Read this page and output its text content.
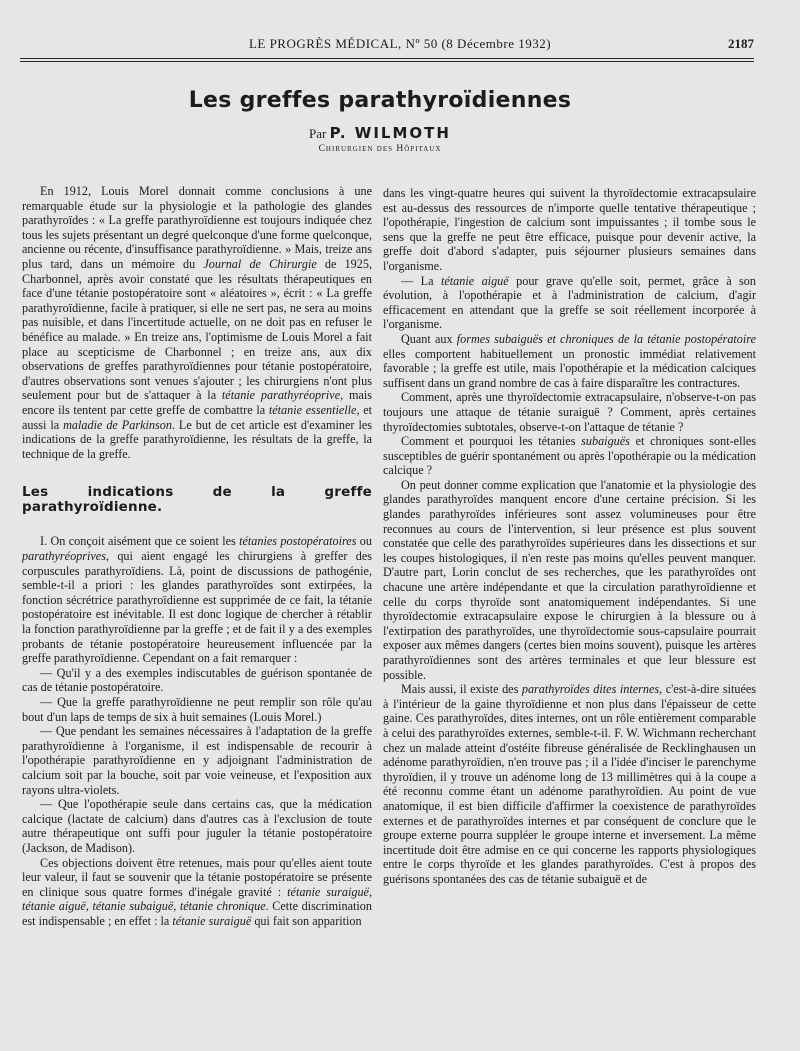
LE PROGRÈS MÉDICAL, Nº 50 (8 Décembre 1932)	2187
Les greffes parathyroïdiennes
Par P. WILMOTH
Chirurgien des Hôpitaux

En 1912, Louis Morel donnait comme conclusions à une remarquable étude sur la physiologie et la pathologie des glandes parathyroïdes : « La greffe parathyroïdienne est toujours indiquée chez tous les sujets présentant un degré quelconque d'une forme quelconque, ancienne ou récente, d'insuffisance parathyroïdienne. » Mais, treize ans plus tard, dans un mémoire du Journal de Chirurgie de 1925, Charbonnel, après avoir constaté que les résultats thérapeutiques en face d'une tétanie postopératoire sont « aléatoires », écrit : « La greffe parathyroïdienne, facile à pratiquer, si elle ne sert pas, ne sera au moins pas nuisible, et dans l'incertitude actuelle, on ne doit pas en refuser le bénéfice au malade. » En treize ans, l'optimisme de Louis Morel a fait place au scepticisme de Charbonnel ; en treize ans, aux dix observations de greffes parathyroïdiennes pour tétanie postopératoire, d'autres observations sont venues s'ajouter ; les chirurgiens n'ont plus seulement pour but de s'attaquer à la tétanie parathyréoprive, mais encore ils tentent par cette greffe de combattre la tétanie essentielle, et aussi la maladie de Parkinson. Le but de cet article est d'examiner les indications de la greffe parathyroïdienne, les résultats de la greffe, la technique de la greffe.

Les indications de la greffe parathyroïdienne.

I. On conçoit aisément que ce soient les tétanies postopératoires ou parathyréoprives, qui aient engagé les chirurgiens à greffer des corpuscules parathyroïdiens. Là, point de discussions de pathogénie, semble-t-il a priori : les glandes parathyroïdes sont extirpées, la fonction sécrétrice parathyroïdienne est supprimée de ce fait, la tétanie postopératoire est inévitable. Il est donc logique de chercher à rétablir la fonction parathyroïdienne par la greffe ; et de fait il y a des exemples probants de tétanie postopératoire heureusement influencée par la greffe parathyroïdienne. Cependant on a fait remarquer :

— Qu'il y a des exemples indiscutables de guérison spontanée de cas de tétanie postopératoire.

— Que la greffe parathyroïdienne ne peut remplir son rôle qu'au bout d'un laps de temps de six à huit semaines (Louis Morel.)

— Que pendant les semaines nécessaires à l'adaptation de la greffe parathyroïdienne à l'organisme, il est indispensable de recourir à l'opothérapie parathyroïdienne en y adjoignant l'administration de calcium soit par la bouche, soit par voie veineuse, et l'exposition aux rayons ultra-violets.

— Que l'opothérapie seule dans certains cas, que la médication calcique (lactate de calcium) dans d'autres cas à l'exclusion de toute autre thérapeutique ont suffi pour juguler la tétanie postopératoire (Jackson, de Madison).

Ces objections doivent être retenues, mais pour qu'elles aient toute leur valeur, il faut se souvenir que la tétanie postopératoire se présente en clinique sous quatre formes d'inégale gravité : tétanie suraiguë, tétanie aiguë, tétanie subaiguë, tétanie chronique. Cette discrimination est indispensable ; en effet : la tétanie suraiguë qui fait son apparition

dans les vingt-quatre heures qui suivent la thyroïdectomie extracapsulaire est au-dessus des ressources de n'importe quelle tentative thérapeutique ; l'opothérapie, l'ingestion de calcium sont impuissantes ; il tombe sous le sens que la greffe ne peut être efficace, puisque pour devenir active, la greffe doit d'abord s'adapter, puis séjourner plusieurs semaines dans l'organisme.

— La tétanie aiguë pour grave qu'elle soit, permet, grâce à son évolution, à l'opothérapie et à l'administration de calcium, d'agir efficacement en attendant que la greffe se soit réellement incorporée à l'organisme.

Quant aux formes subaiguës et chroniques de la tétanie postopératoire elles comportent habituellement un pronostic immédiat relativement favorable ; la greffe est utile, mais l'opothérapie et la médication calciques suffisent dans un grand nombre de cas à faire disparaître les contractures.

Comment, après une thyroïdectomie extracapsulaire, n'observe-t-on pas toujours une attaque de tétanie suraiguë ? Comment, après certaines thyroïdectomies subtotales, observe-t-on l'attaque de tétanie ?

Comment et pourquoi les tétanies subaiguës et chroniques sont-elles susceptibles de guérir spontanément ou après l'opothérapie ou la médication calcique ?

On peut donner comme explication que l'anatomie et la physiologie des glandes parathyroïdes manquent encore d'une certaine précision. Si les glandes parathyroïdes inférieures sont assez volumineuses pour être reconnues au cours de l'intervention, si leur présence est plus souvent constatée que celle des parathyroïdes supérieures dans les dissections et sur les coupes histologiques, il n'en reste pas moins qu'elles peuvent manquer. D'autre part, Lorin conclut de ses recherches, que les parathyroïdes ont chacune une artère indépendante et que la circulation parathyroïdienne et celle du corps thyroïde sont anatomiquement indépendantes. Si une thyroïdectomie extracapsulaire expose le chirurgien à la blessure ou à l'extirpation des parathyroïdes, une thyroïdectomie sous-capsulaire pourrait exposer aux mêmes dangers (certes bien moins souvent), puisque les artères parathyroïdiennes sont des artères terminales et que leur blessure est possible.

Mais aussi, il existe des parathyroïdes dites internes, c'est-à-dire situées à l'intérieur de la gaine thyroïdienne et non plus dans l'épaisseur de cette gaine. Ces parathyroïdes, dites internes, ont un rôle entièrement comparable à celui des parathyroïdes externes, semble-t-il. F. W. Wichmann recherchant chez un malade atteint d'ostéite fibreuse généralisée de Recklinghausen un adénome parathyroïdien, n'en trouve pas ; il a l'idée d'inciser le parenchyme thyroïdien, il y trouve un adénome long de 13 millimètres qui à la coupe a été reconnu comme étant un adénome parathyroïdien. Au point de vue anatomique, il est bien difficile d'affirmer la coexistence de parathyroïdes externes et de parathyroïdes internes et par conséquent de conclure que le groupe externe pourra suppléer le groupe interne et inversement. La même incertitude doit être admise en ce qui concerne les rapports physiologiques entre le corps thyroïde et les glandes parathyroïdes. C'est à propos des guérisons spontanées des cas de tétanie subaiguë et de
